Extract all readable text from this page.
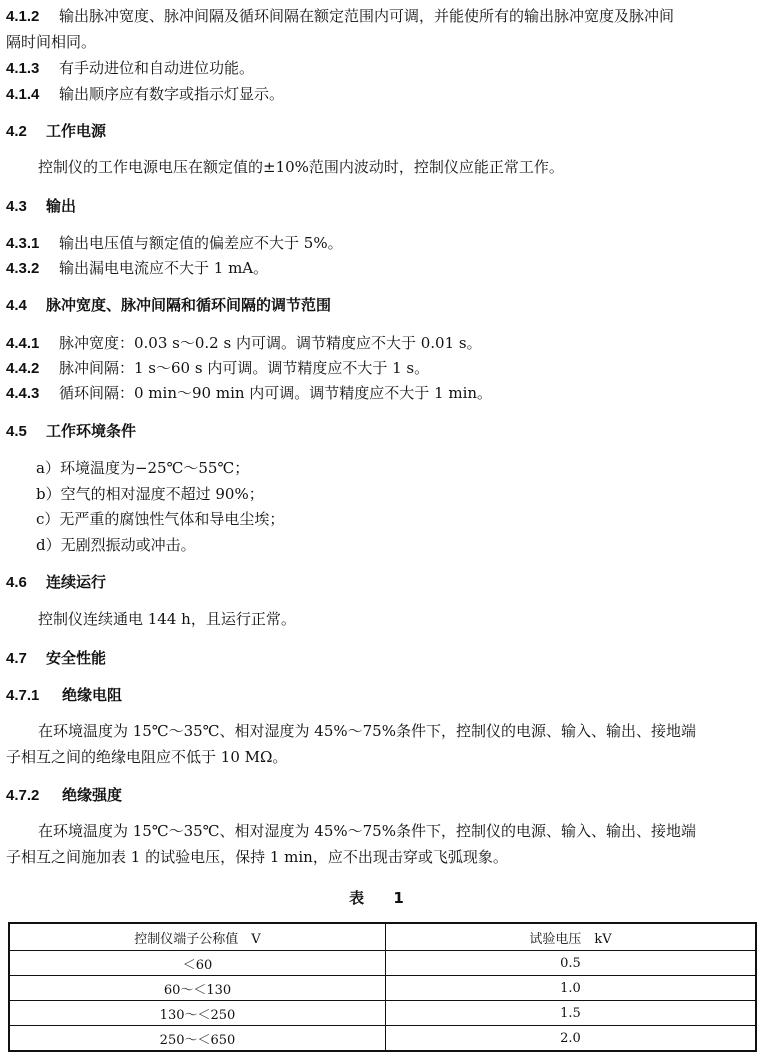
4.1.2 输出脉冲宽度、脉冲间隔及循环间隔在额定范围内可调，并能使所有的输出脉冲宽度及脉冲间
隔时间相同。
4.1.3 有手动进位和自动进位功能。
4.1.4 输出顺序应有数字或指示灯显示。
4.2 工作电源
控制仪的工作电源电压在额定值的±10%范围内波动时，控制仪应能正常工作。
4.3 输出
4.3.1 输出电压值与额定值的偏差应不大于 5%。
4.3.2 输出漏电电流应不大于 1 mA。
4.4 脉冲宽度、脉冲间隔和循环间隔的调节范围
4.4.1 脉冲宽度：0.03 s～0.2 s 内可调。调节精度应不大于 0.01 s。
4.4.2 脉冲间隔：1 s～60 s 内可调。调节精度应不大于 1 s。
4.4.3 循环间隔：0 min～90 min 内可调。调节精度应不大于 1 min。
4.5 工作环境条件
a）环境温度为−25℃～55℃；
b）空气的相对湿度不超过 90%；
c）无严重的腐蚀性气体和导电尘埃；
d）无剧烈振动或冲击。
4.6 连续运行
控制仪连续通电 144 h，且运行正常。
4.7 安全性能
4.7.1 绝缘电阻
在环境温度为 15℃～35℃、相对湿度为 45%～75%条件下，控制仪的电源、输入、输出、接地端
子相互之间的绝缘电阻应不低于 10 MΩ。
4.7.2 绝缘强度
在环境温度为 15℃～35℃、相对湿度为 45%～75%条件下，控制仪的电源、输入、输出、接地端
子相互之间施加表 1 的试验电压，保持 1 min，应不出现击穿或飞弧现象。
表 1
控制仪端子公称值　V	试验电压　kV
＜60	0.5
60～＜130	1.0
130～＜250	1.5
250～＜650	2.0
